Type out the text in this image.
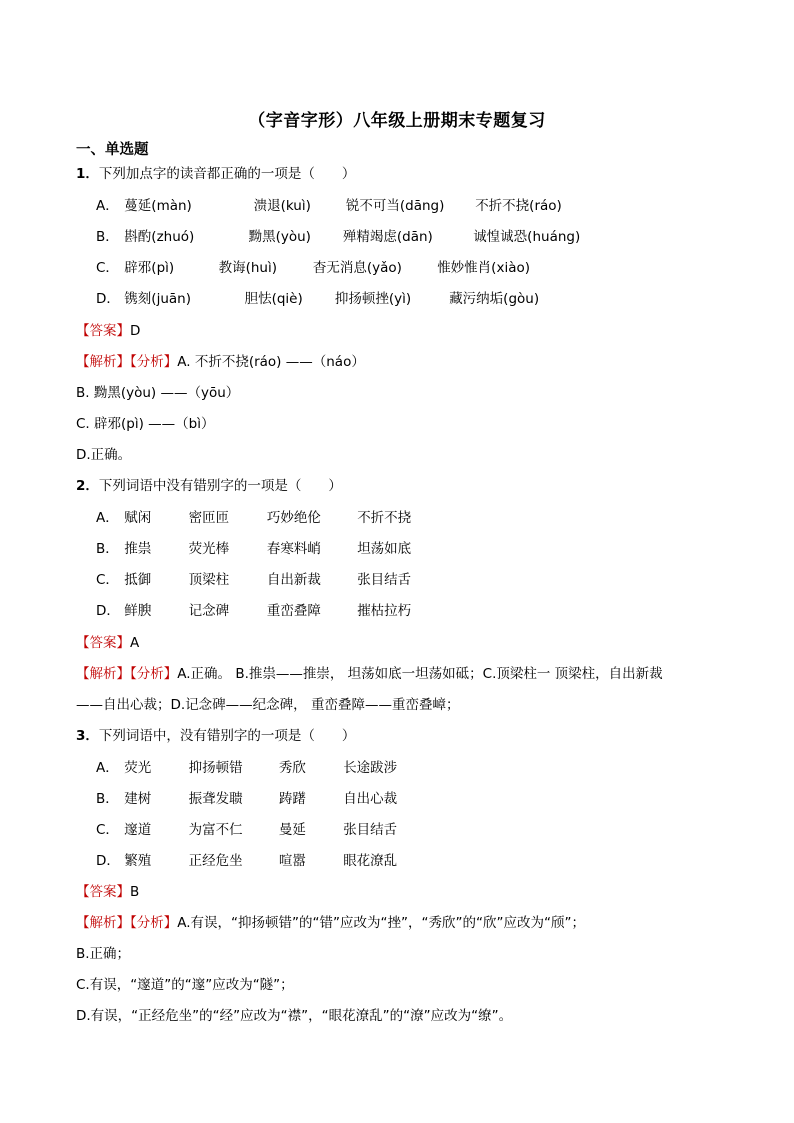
（字音字形）八年级上册期末专题复习
一、单选题
1．下列加点字的读音都正确的一项是（　　）
A． 蔓延(màn)	溃退(kuì)	锐不可当(dāng) 不折不挠(ráo)
B． 斟酌(zhuó)	黝黑(yòu) 殚精竭虑(dān)	诚惶诚恐(huáng)
C． 辟邪(pì)	教诲(huì)	杳无消息(yǎo)	惟妙惟肖(xiào)
D． 镌刻(juān)	胆怯(qiè) 抑扬顿挫(yì)	藏污纳垢(gòu)
【答案】D
【解析】【分析】A. 不折不挠(ráo) ——（náo）
B. 黝黑(yòu) ——（yōu）
C. 辟邪(pì) ——（bì）
D.正确。
2．下列词语中没有错别字的一项是（　　）
A． 赋闲	密匝匝	巧妙绝伦	不折不挠
B． 推祟	荧光棒	春寒料峭	坦荡如底
C． 抵御	顶梁柱	自出新裁	张目结舌
D． 鲜腴	记念碑	重峦叠障	摧枯拉朽
【答案】A
【解析】【分析】A.正确。 B.推祟——推崇， 坦荡如底一坦荡如砥；C.顶梁柱一 顶梁柱，自出新裁
——自出心裁；D.记念碑——纪念碑， 重峦叠障——重峦叠嶂；
3．下列词语中，没有错别字的一项是（　　）
A． 荧光	抑扬顿错	秀欣	长途跋涉
B． 建树	振聋发聩	踌躇	自出心裁
C． 邃道	为富不仁	曼延	张目结舌
D． 繁殖	正经危坐	喧嚣	眼花潦乱
【答案】B
【解析】【分析】A.有误，“抑扬顿错”的“错”应改为“挫”，“秀欣”的“欣”应改为“颀”；
B.正确；
C.有误，“邃道”的“邃”应改为“隧”；
D.有误，“正经危坐”的“经”应改为“襟”，“眼花潦乱”的“潦”应改为“缭”。
